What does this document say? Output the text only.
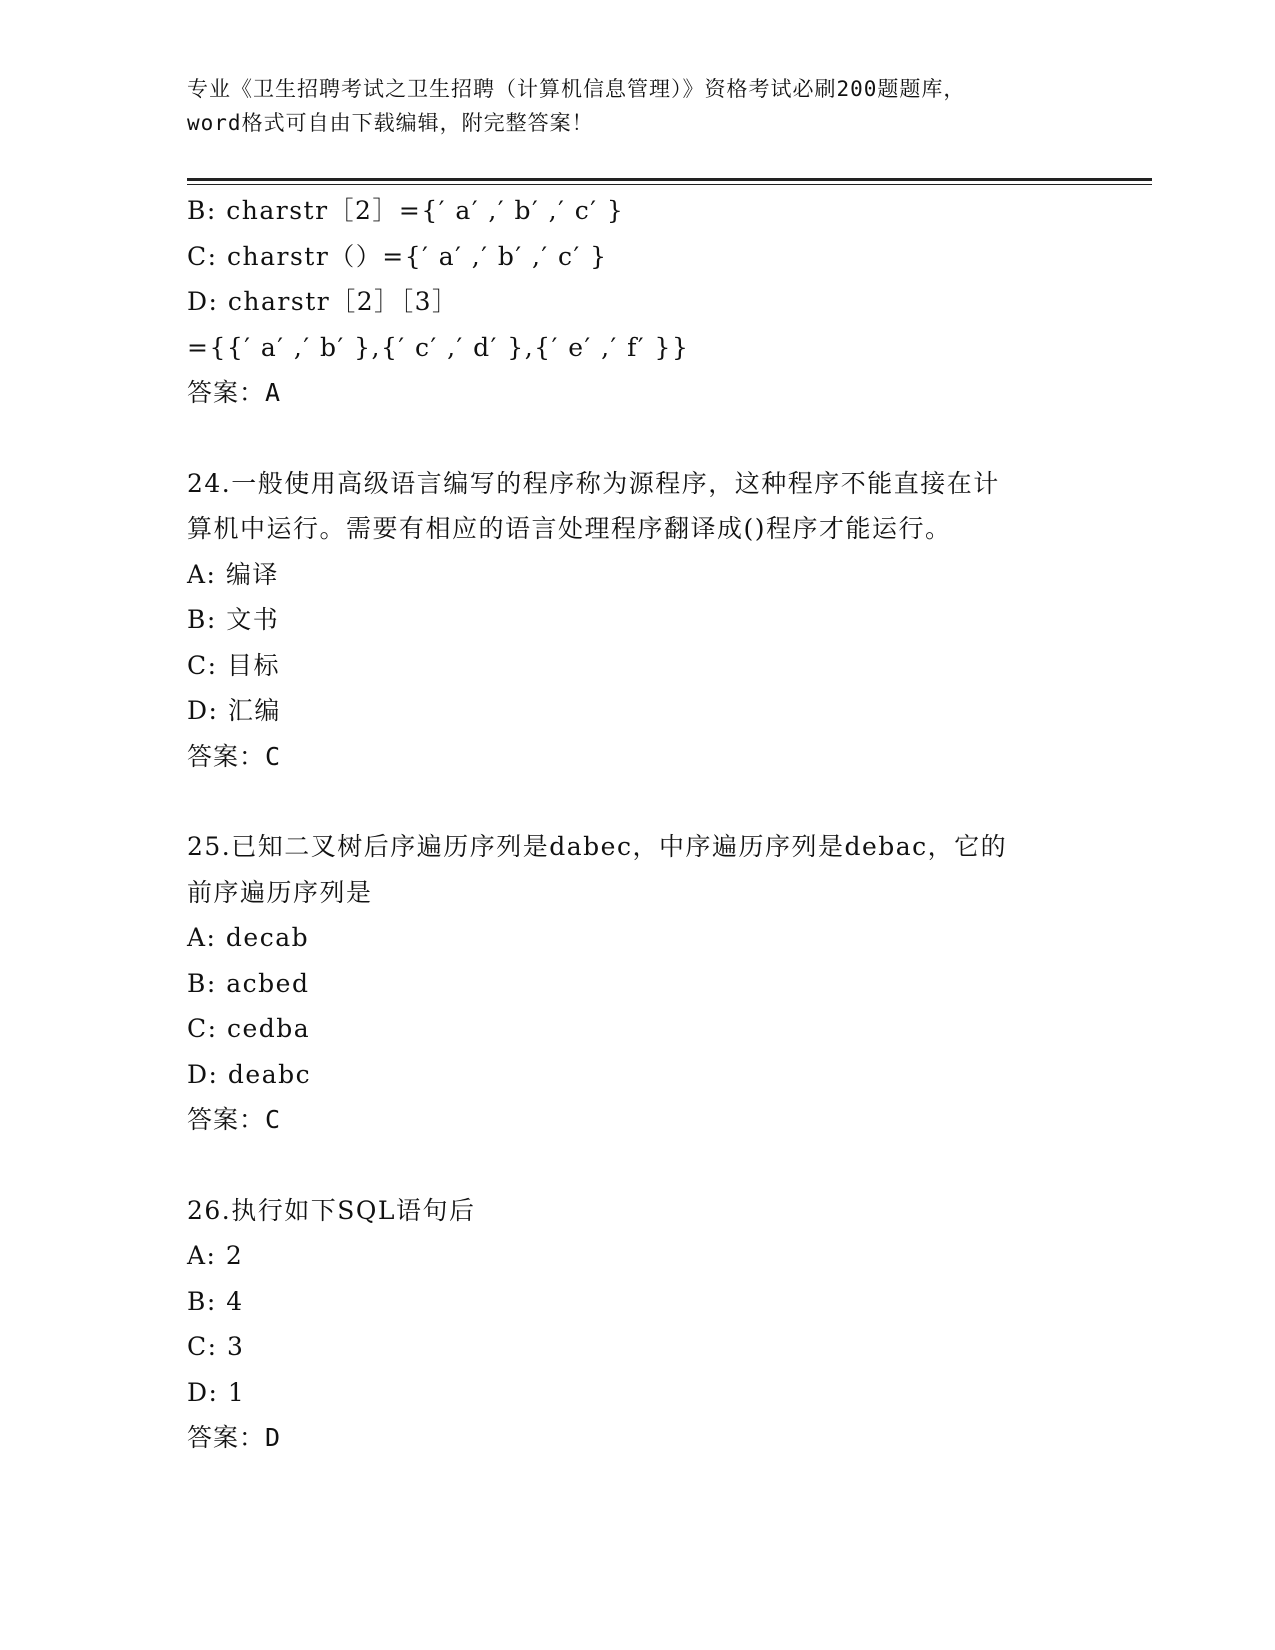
专业《卫生招聘考试之卫生招聘（计算机信息管理）》资格考试必刷200题题库，
word格式可自由下载编辑，附完整答案！
B: charstr［2］={′ a′ ,′ b′ ,′ c′ }
C: charstr（）={′ a′ ,′ b′ ,′ c′ }
D: charstr［2］［3］
={{′ a′ ,′ b′ },{′ c′ ,′ d′ },{′ e′ ,′ f′ }}
答案：A
24.一般使用高级语言编写的程序称为源程序，这种程序不能直接在计
算机中运行。需要有相应的语言处理程序翻译成()程序才能运行。
A: 编译
B: 文书
C: 目标
D: 汇编
答案：C
25.已知二叉树后序遍历序列是dabec，中序遍历序列是debac，它的
前序遍历序列是
A: decab
B: acbed
C: cedba
D: deabc
答案：C
26.执行如下SQL语句后
A: 2
B: 4
C: 3
D: 1
答案：D
